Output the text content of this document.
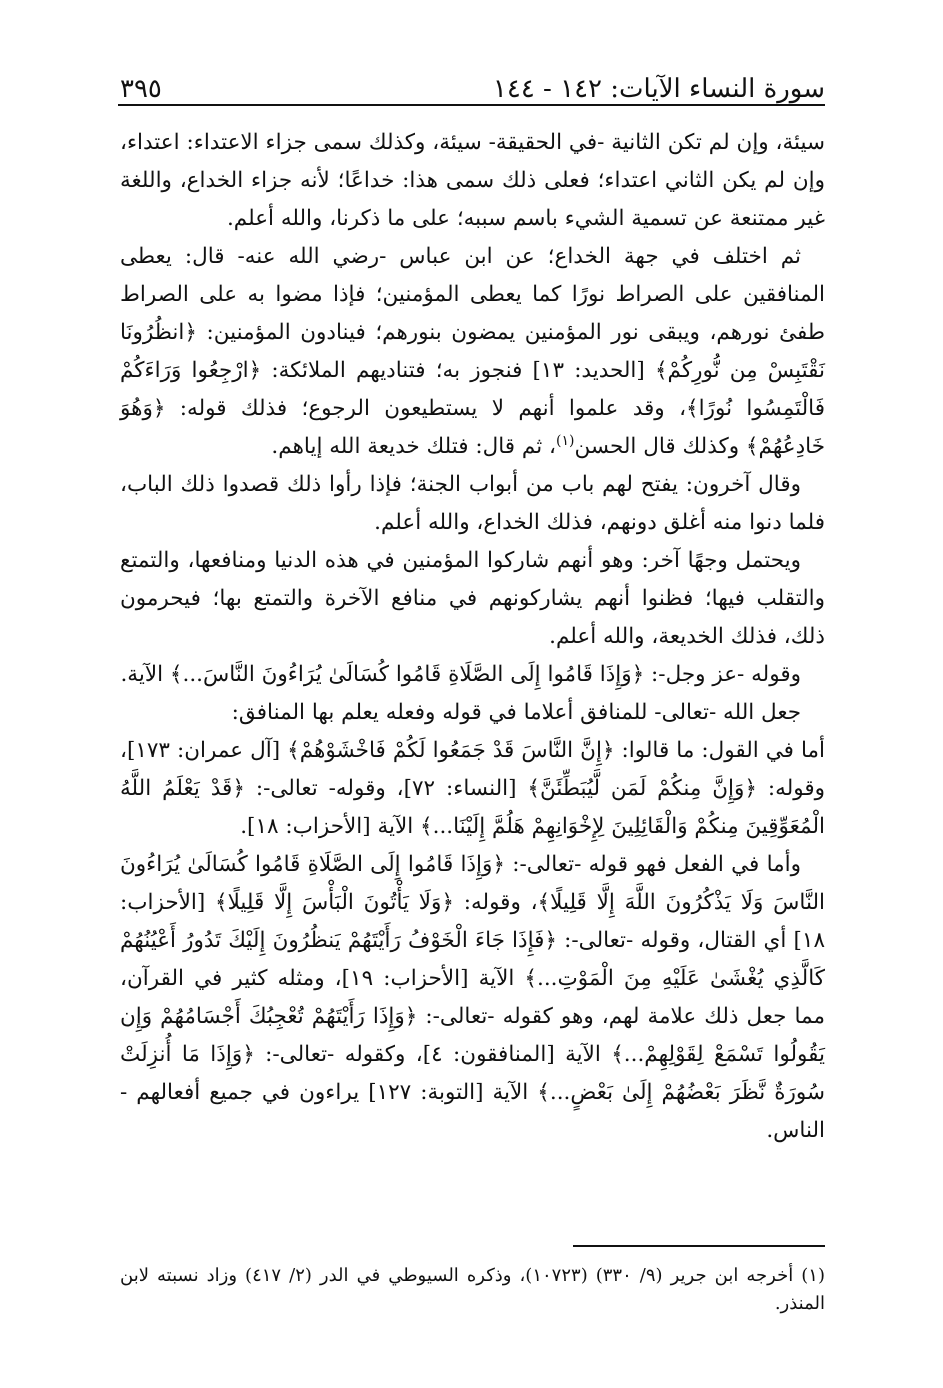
سورة النساء الآيات: ١٤٢ - ١٤٤
٣٩٥

سيئة، وإن لم تكن الثانية -في الحقيقة- سيئة، وكذلك سمى جزاء الاعتداء: اعتداء، وإن لم يكن الثاني اعتداء؛ فعلى ذلك سمى هذا: خداعًا؛ لأنه جزاء الخداع، واللغة غير ممتنعة عن تسمية الشيء باسم سببه؛ على ما ذكرنا، والله أعلم.

ثم اختلف في جهة الخداع؛ عن ابن عباس -رضي الله عنه- قال: يعطى المنافقين على الصراط نورًا كما يعطى المؤمنين؛ فإذا مضوا به على الصراط طفئ نورهم، ويبقى نور المؤمنين يمضون بنورهم؛ فينادون المؤمنين: ﴿انظُرُونَا نَقْتَبِسْ مِن نُّورِكُمْ﴾ [الحديد: ١٣] فنجوز به؛ فتناديهم الملائكة: ﴿ارْجِعُوا وَرَاءَكُمْ فَالْتَمِسُوا نُورًا﴾، وقد علموا أنهم لا يستطيعون الرجوع؛ فذلك قوله: ﴿وَهُوَ خَادِعُهُمْ﴾ وكذلك قال الحسن$^{(١)}$، ثم قال: فتلك خديعة الله إياهم.

وقال آخرون: يفتح لهم باب من أبواب الجنة؛ فإذا رأوا ذلك قصدوا ذلك الباب، فلما دنوا منه أغلق دونهم، فذلك الخداع، والله أعلم.

ويحتمل وجهًا آخر: وهو أنهم شاركوا المؤمنين في هذه الدنيا ومنافعها، والتمتع والتقلب فيها؛ فظنوا أنهم يشاركونهم في منافع الآخرة والتمتع بها؛ فيحرمون ذلك، فذلك الخديعة، والله أعلم.

وقوله -عز وجل-: ﴿وَإِذَا قَامُوا إِلَى الصَّلَاةِ قَامُوا كُسَالَىٰ يُرَاءُونَ النَّاسَ...﴾ الآية.

جعل الله -تعالى- للمنافق أعلاما في قوله وفعله يعلم بها المنافق:

أما في القول: ما قالوا: ﴿إِنَّ النَّاسَ قَدْ جَمَعُوا لَكُمْ فَاخْشَوْهُمْ﴾ [آل عمران: ١٧٣]، وقوله: ﴿وَإِنَّ مِنكُمْ لَمَن لَّيُبَطِّئَنَّ﴾ [النساء: ٧٢]، وقوله- تعالى-: ﴿قَدْ يَعْلَمُ اللَّهُ الْمُعَوِّقِينَ مِنكُمْ وَالْقَائِلِينَ لِإِخْوَانِهِمْ هَلُمَّ إِلَيْنَا...﴾ الآية [الأحزاب: ١٨].

وأما في الفعل فهو قوله -تعالى-: ﴿وَإِذَا قَامُوا إِلَى الصَّلَاةِ قَامُوا كُسَالَىٰ يُرَاءُونَ النَّاسَ وَلَا يَذْكُرُونَ اللَّهَ إِلَّا قَلِيلًا﴾، وقوله: ﴿وَلَا يَأْتُونَ الْبَأْسَ إِلَّا قَلِيلًا﴾ [الأحزاب: ١٨] أي القتال، وقوله -تعالى-: ﴿فَإِذَا جَاءَ الْخَوْفُ رَأَيْتَهُمْ يَنظُرُونَ إِلَيْكَ تَدُورُ أَعْيُنُهُمْ كَالَّذِي يُغْشَىٰ عَلَيْهِ مِنَ الْمَوْتِ...﴾ الآية [الأحزاب: ١٩]، ومثله كثير في القرآن، مما جعل ذلك علامة لهم، وهو كقوله -تعالى-: ﴿وَإِذَا رَأَيْتَهُمْ تُعْجِبُكَ أَجْسَامُهُمْ وَإِن يَقُولُوا تَسْمَعْ لِقَوْلِهِمْ...﴾ الآية [المنافقون: ٤]، وكقوله -تعالى-: ﴿وَإِذَا مَا أُنزِلَتْ سُورَةٌ نَّظَرَ بَعْضُهُمْ إِلَىٰ بَعْضٍ...﴾ الآية [التوبة: ١٢٧] يراءون في جميع أفعالهم - الناس.

(١) أخرجه ابن جرير (٩/ ٣٣٠) (١٠٧٢٣)، وذكره السيوطي في الدر (٢/ ٤١٧) وزاد نسبته لابن المنذر.
